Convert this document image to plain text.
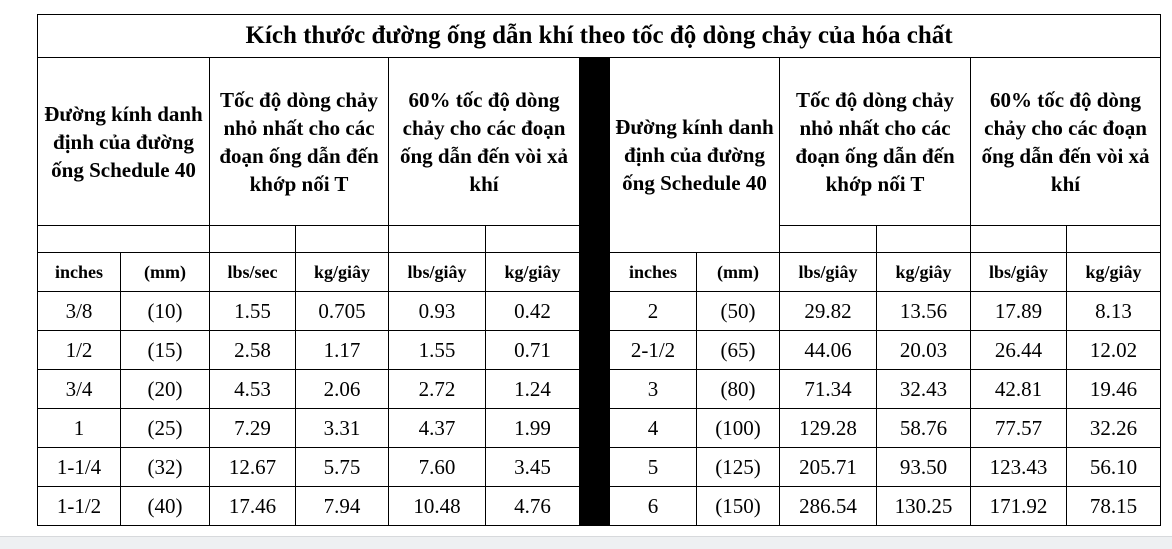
Kích thước đường ống dẫn khí theo tốc độ dòng chảy của hóa chất												
Đường kính danh định của đường ống Schedule 40		Tốc độ dòng chảy nhỏ nhất cho các đoạn ống dẫn đến khớp nối T		60% tốc độ dòng chảy cho các đoạn ống dẫn đến vòi xả khí			Đường kính danh định của đường ống Schedule 40		Tốc độ dòng chảy nhỏ nhất cho các đoạn ống dẫn đến khớp nối T		60% tốc độ dòng chảy cho các đoạn ống dẫn đến vòi xả khí	

inches	(mm)	lbs/sec	kg/giây	lbs/giây	kg/giây		inches	(mm)	lbs/giây	kg/giây	lbs/giây	kg/giây
3/8	(10)	1.55	0.705	0.93	0.42		2	(50)	29.82	13.56	17.89	8.13
1/2	(15)	2.58	1.17	1.55	0.71		2-1/2	(65)	44.06	20.03	26.44	12.02
3/4	(20)	4.53	2.06	2.72	1.24		3	(80)	71.34	32.43	42.81	19.46
1	(25)	7.29	3.31	4.37	1.99		4	(100)	129.28	58.76	77.57	32.26
1-1/4	(32)	12.67	5.75	7.60	3.45		5	(125)	205.71	93.50	123.43	56.10
1-1/2	(40)	17.46	7.94	10.48	4.76		6	(150)	286.54	130.25	171.92	78.15
